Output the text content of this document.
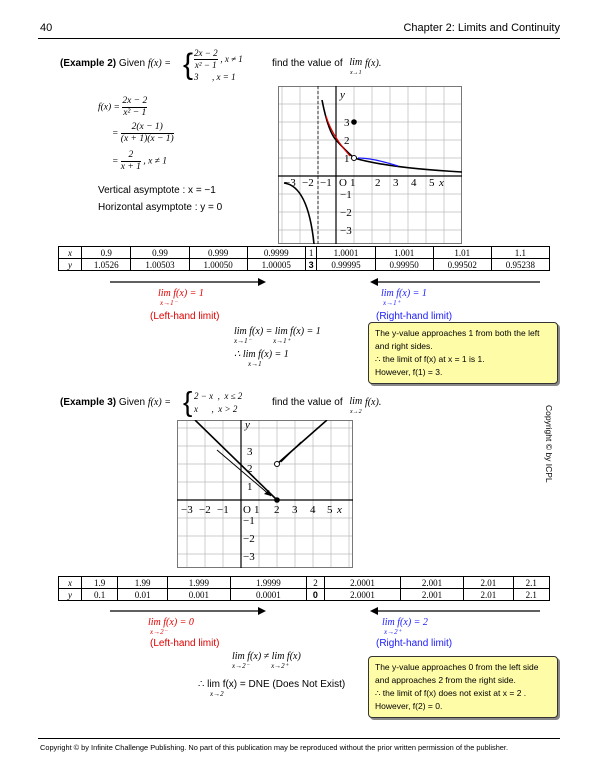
40	Chapter 2: Limits and Continuity
(Example 2) Given f(x) = { $\frac{2x - 2}{\text{x² − 1}}$ , x ≠ 1
3 , x = 1
find the value of lim
x→1
f(x).
$f(x) = \frac{2x - 2}{\text{x² − 1}}$
= $\frac{2(x - 1)}{(x + 1)(x - 1)}$
= $\frac{2}{x + 1}$ , x ≠ 1
Vertical asymptote : x = −1
Horizontal asymptote : y = 0
y
−3 −2 −1 O 1 2 3 4 5 x
3
2
1
−1
−2
−3
x	0.9	0.99	0.999	0.9999	1	1.0001	1.001	1.01	1.1
y	1.0526	1.00503	1.00050	1.00005	3	0.99995	0.99950	0.99502	0.95238
lim f(x) = 1
x→1⁻
(Left-hand limit)
lim f(x) = 1
x→1⁺
(Right-hand limit)
lim f(x) = lim f(x) = 1
x→1⁻	x→1⁺
∴ lim f(x) = 1
x→1
The y-value approaches 1 from both the left
and right sides.
∴ the limit of f(x) at x = 1 is 1.
However, f(1) = 3.
(Example 3) Given f(x) = { 2 − x  ,  x ≤ 2
x      ,  x > 2
find the value of lim
x→2
f(x).
y
−3 −2 −1 O 1 2 3 4 5 x
3
2
1
−1
−2
−3
Copyright © by ICPL
x	1.9	1.99	1.999	1.9999	2	2.0001	2.001	2.01	2.1
y	0.1	0.01	0.001	0.0001	0	2.0001	2.001	2.01	2.1
lim f(x) = 0
x→2⁻
(Left-hand limit)
lim f(x) = 2
x→2⁺
(Right-hand limit)
lim f(x) ≠ lim f(x)
x→2⁻	x→2⁺
∴ lim f(x) = DNE (Does Not Exist)
x→2
The y-value approaches 0 from the left side
and approaches 2 from the right side.
∴ the limit of f(x) does not exist at x = 2 .
However, f(2) = 0.
Copyright © by Infinite Challenge Publishing. No part of this publication may be reproduced without the prior written permission of the publisher.
